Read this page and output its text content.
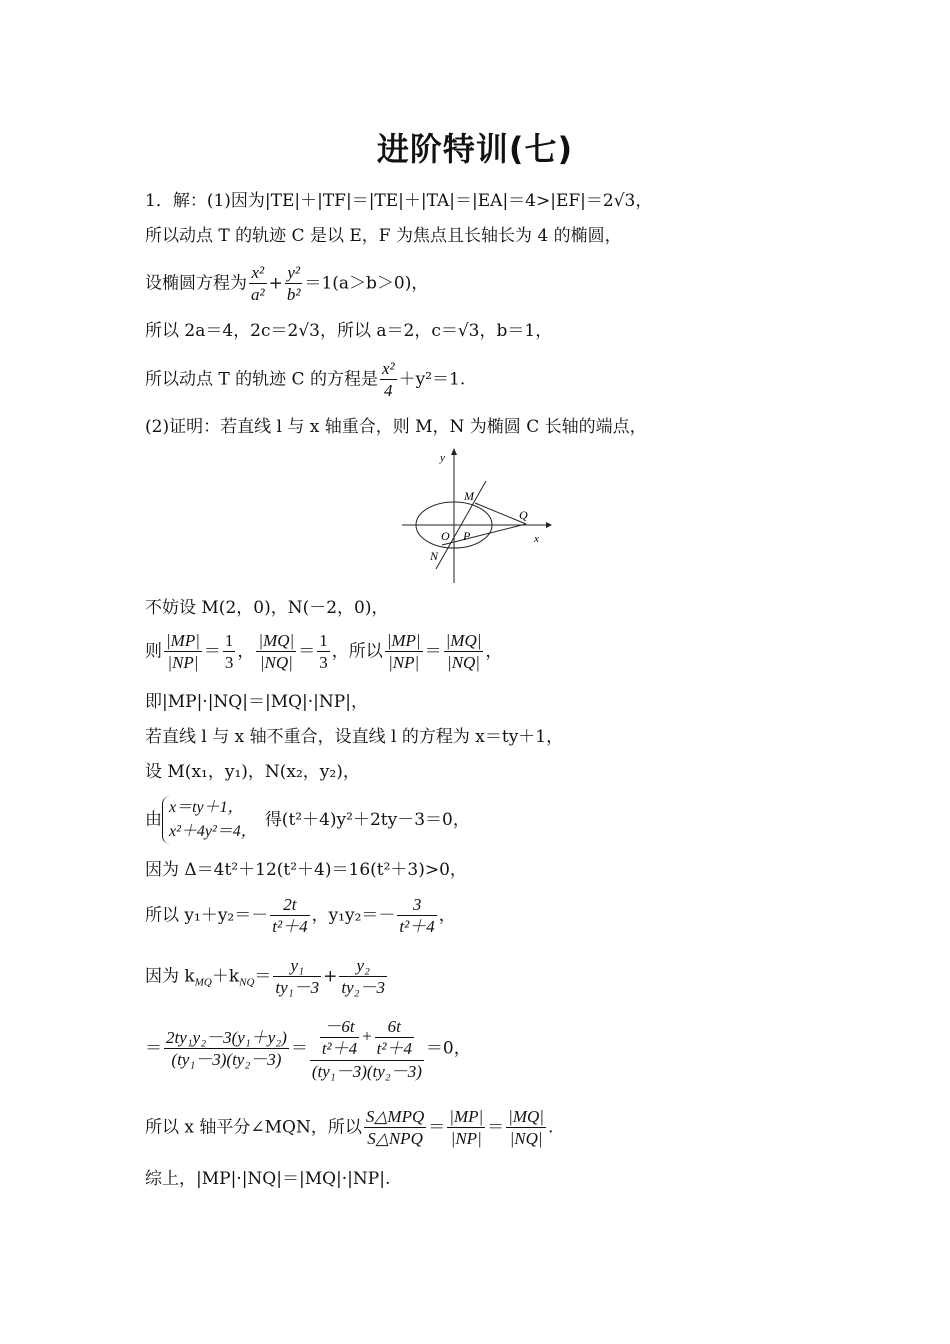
进阶特训(七)
1．解：(1)因为|TE|＋|TF|＝|TE|＋|TA|＝|EA|＝4>|EF|＝2√3，
所以动点 T 的轨迹 C 是以 E，F 为焦点且长轴长为 4 的椭圆，
设椭圆方程为 $\frac{\text{x²}}{\text{a²}} + \frac{\text{y²}}{\text{b²}} =1(a>b>0)$，
所以 2a＝4，2c＝2√3，所以 a＝2，c＝√3，b＝1，
所以动点 T 的轨迹 C 的方程是 $\frac{\text{x²}}{4} +y^2=1$.
(2)证明：若直线 l 与 x 轴重合，则 M，N 为椭圆 C 长轴的端点，
y
x
M
Q
O P
N
不妨设 M(2，0)，N(－2，0)，
则 $\frac{|MP|}{|NP|} = \frac{1}{3}$ ， $\frac{|MQ|}{|NQ|} = \frac{1}{3}$ ，所以 $\frac{|MP|}{|NP|} = \frac{|MQ|}{|NQ|}$ ，
即|MP|·|NQ|＝|MQ|·|NP|，
若直线 l 与 x 轴不重合，设直线 l 的方程为 x＝ty＋1，
设 M(x₁，y₁)，N(x₂，y₂)，
由
x＝ty＋1，
x²＋4y²＝4，
得(t²＋4)y²＋2ty－3＝0，
因为 Δ＝4t²＋12(t²＋4)＝16(t²＋3)>0，
所以 $y_1+y_2=- \frac{2t}{\text{t²＋4}}$ ，$y_1y_2=- \frac{3}{\text{t²＋4}}$ ，
因为 $k_{MQ}+k_{NQ}= \frac{\text{y₁}}{\text{ty₁－3}} + \frac{\text{y₂}}{\text{ty₂－3}}$
＝ $\frac{\text{2ty₁y₂－3(y₁＋y₂)}}{\text{(ty₁－3)(ty₂－3)}} = \frac{\frac{-6t}{\text{t²＋4}} + \frac{6t}{\text{t²＋4}}}{\text{(ty₁－3)(ty₂－3)}} =0$，
所以 x 轴平分∠MQN，所以 $\frac{\text{S△MPQ}}{\text{S△NPQ}} = \frac{|MP|}{|NP|} = \frac{|MQ|}{|NQ|}$ .
综上，|MP|·|NQ|＝|MQ|·|NP|.
